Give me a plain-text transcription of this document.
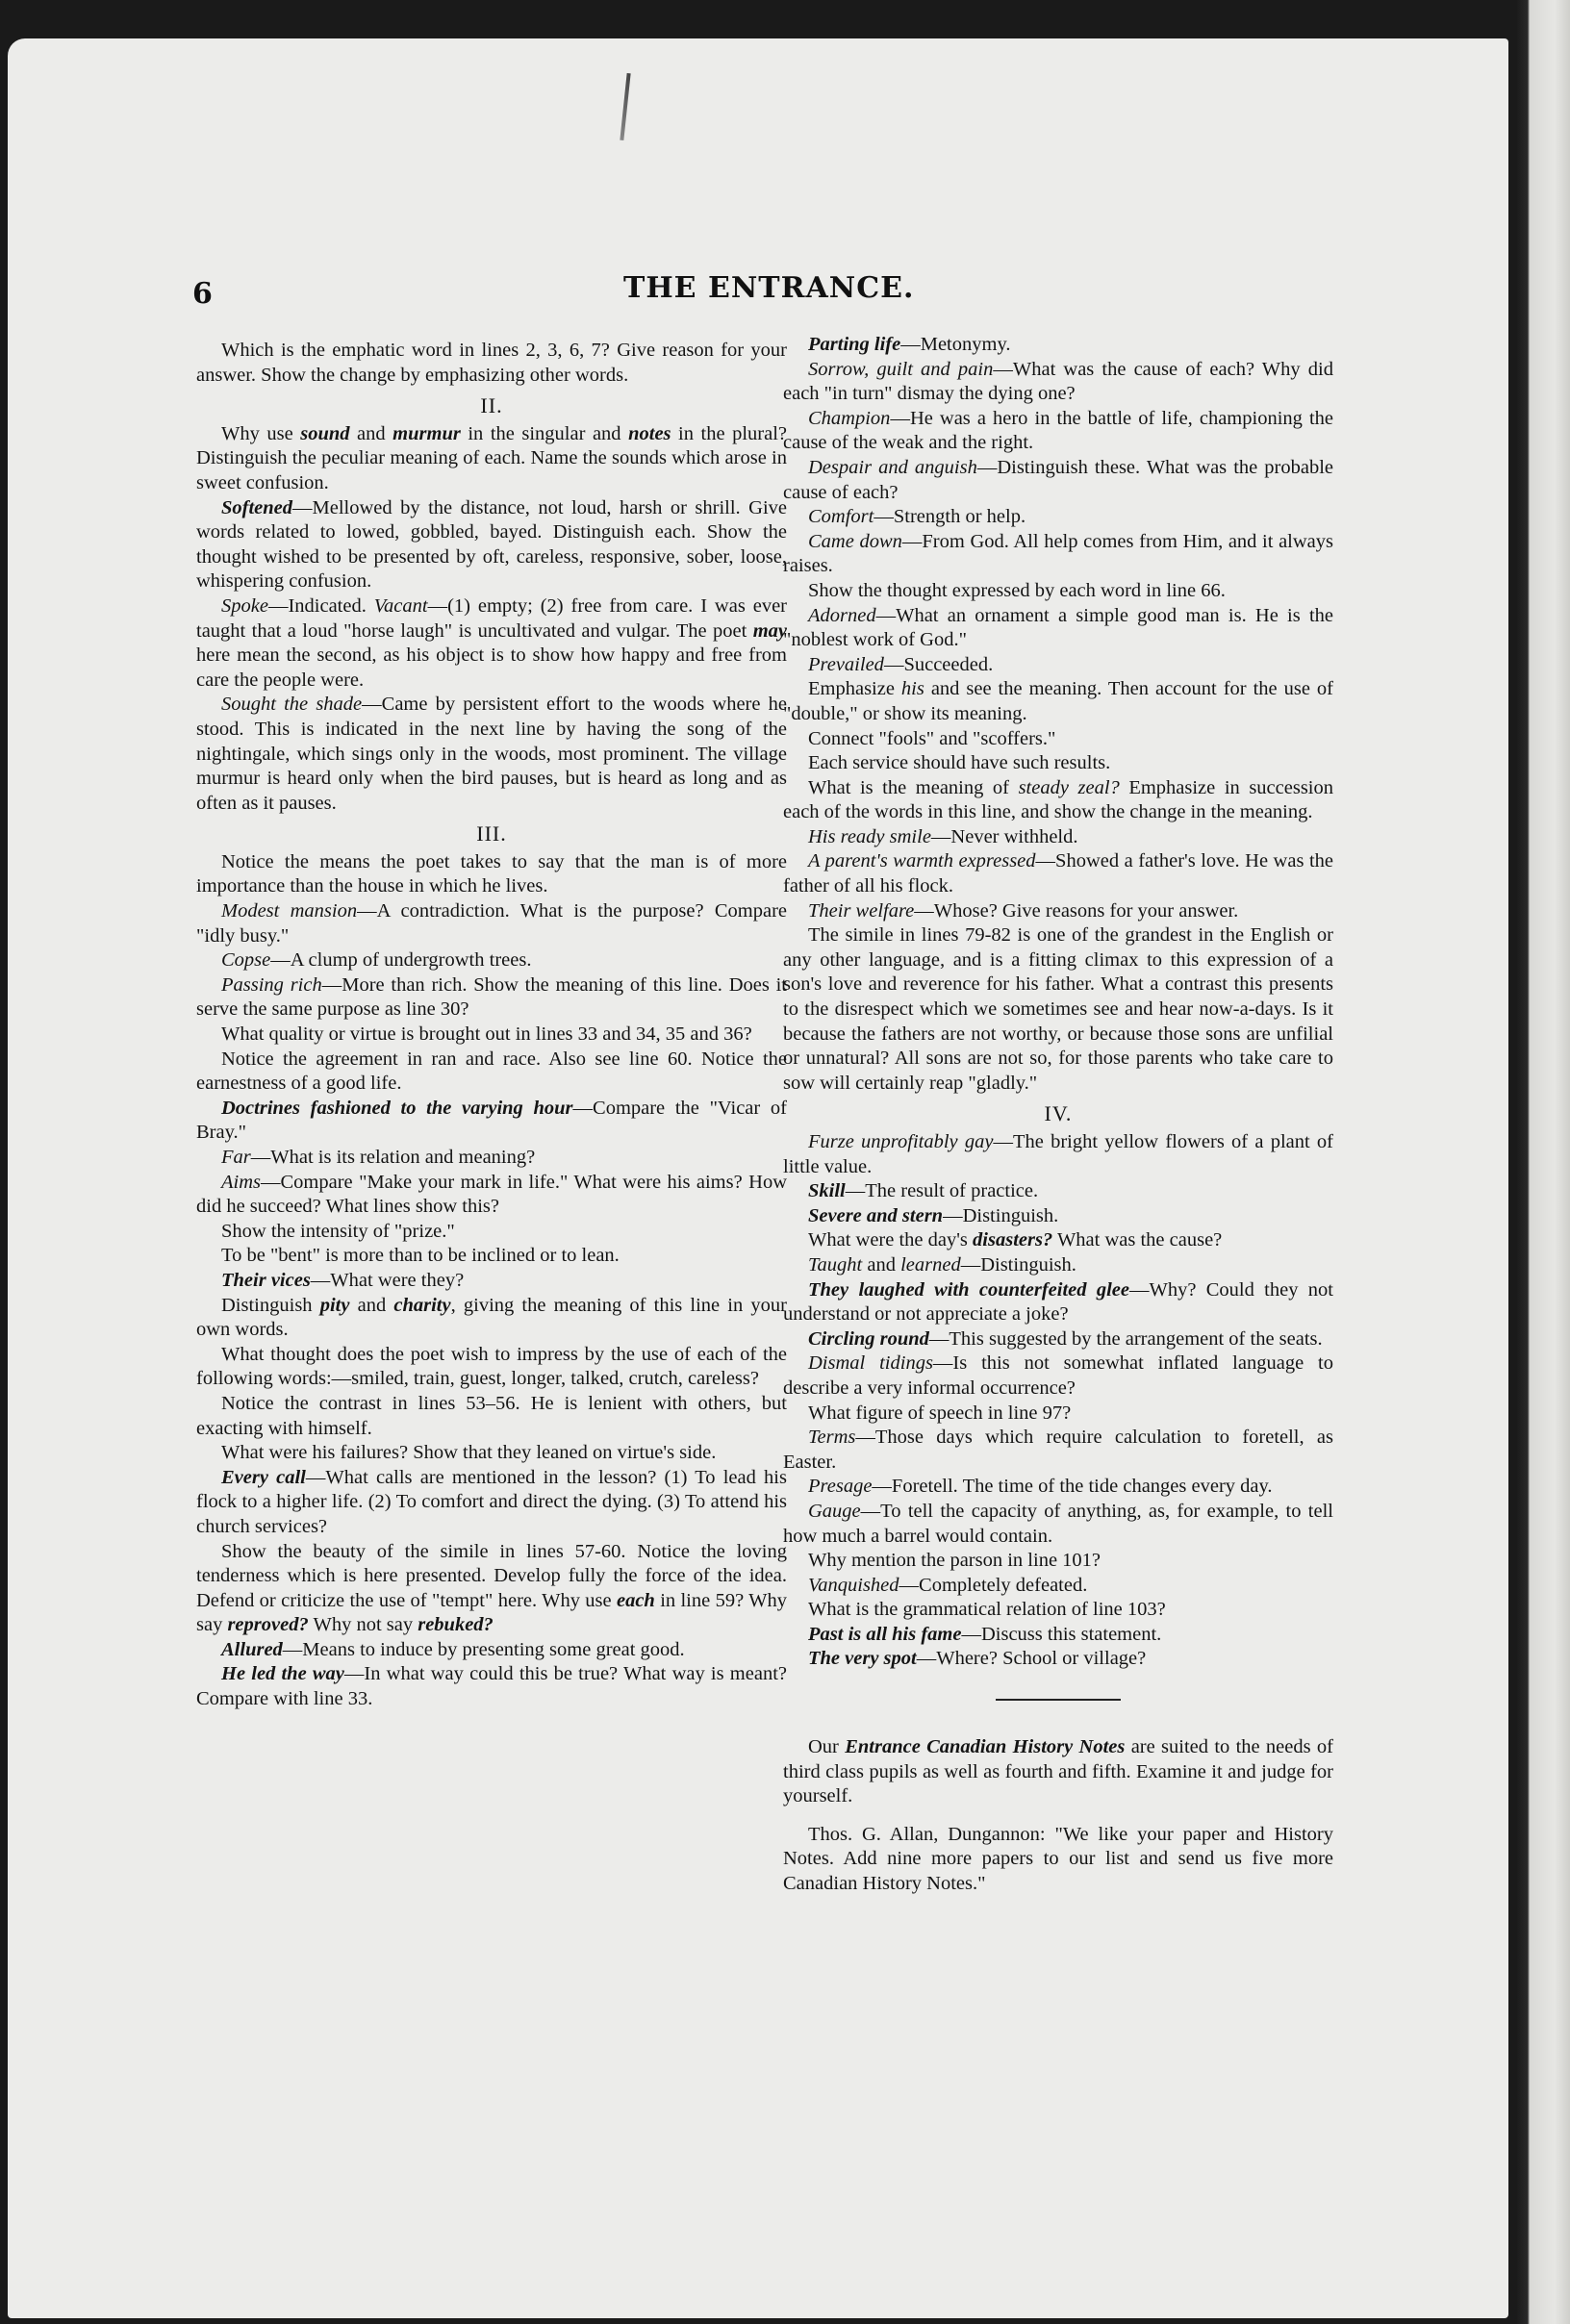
6	THE ENTRANCE.

Which is the emphatic word in lines 2, 3, 6, 7? Give reason for your answer. Show the change by emphasizing other words.

II.

Why use sound and murmur in the singular and notes in the plural? Distinguish the peculiar meaning of each. Name the sounds which arose in sweet confusion.

Softened—Mellowed by the distance, not loud, harsh or shrill. Give words related to lowed, gobbled, bayed. Distinguish each. Show the thought wished to be presented by oft, careless, responsive, sober, loose, whispering confusion.

Spoke—Indicated. Vacant—(1) empty; (2) free from care. I was ever taught that a loud "horse laugh" is uncultivated and vulgar. The poet may here mean the second, as his object is to show how happy and free from care the people were.

Sought the shade—Came by persistent effort to the woods where he stood. This is indicated in the next line by having the song of the nightingale, which sings only in the woods, most prominent. The village murmur is heard only when the bird pauses, but is heard as long and as often as it pauses.

III.

Notice the means the poet takes to say that the man is of more importance than the house in which he lives.

Modest mansion—A contradiction. What is the purpose? Compare "idly busy."

Copse—A clump of undergrowth trees.

Passing rich—More than rich. Show the meaning of this line. Does it serve the same purpose as line 30?

What quality or virtue is brought out in lines 33 and 34, 35 and 36?

Notice the agreement in ran and race. Also see line 60. Notice the earnestness of a good life.

Doctrines fashioned to the varying hour—Compare the "Vicar of Bray."

Far—What is its relation and meaning?

Aims—Compare "Make your mark in life." What were his aims? How did he succeed? What lines show this?

Show the intensity of "prize."

To be "bent" is more than to be inclined or to lean.

Their vices—What were they?

Distinguish pity and charity, giving the meaning of this line in your own words.

What thought does the poet wish to impress by the use of each of the following words:—smiled, train, guest, longer, talked, crutch, careless?

Notice the contrast in lines 53–56. He is lenient with others, but exacting with himself.

What were his failures? Show that they leaned on virtue's side.

Every call—What calls are mentioned in the lesson? (1) To lead his flock to a higher life. (2) To comfort and direct the dying. (3) To attend his church services?

Show the beauty of the simile in lines 57-60. Notice the loving tenderness which is here presented. Develop fully the force of the idea. Defend or criticize the use of "tempt" here. Why use each in line 59? Why say reproved? Why not say rebuked?

Allured—Means to induce by presenting some great good.

He led the way—In what way could this be true? What way is meant? Compare with line 33.

Parting life—Metonymy.

Sorrow, guilt and pain—What was the cause of each? Why did each "in turn" dismay the dying one?

Champion—He was a hero in the battle of life, championing the cause of the weak and the right.

Despair and anguish—Distinguish these. What was the probable cause of each?

Comfort—Strength or help.

Came down—From God. All help comes from Him, and it always raises.

Show the thought expressed by each word in line 66.

Adorned—What an ornament a simple good man is. He is the "noblest work of God."

Prevailed—Succeeded.

Emphasize his and see the meaning. Then account for the use of "double," or show its meaning.

Connect "fools" and "scoffers."

Each service should have such results.

What is the meaning of steady zeal? Emphasize in succession each of the words in this line, and show the change in the meaning.

His ready smile—Never withheld.

A parent's warmth expressed—Showed a father's love. He was the father of all his flock.

Their welfare—Whose? Give reasons for your answer.

The simile in lines 79-82 is one of the grandest in the English or any other language, and is a fitting climax to this expression of a son's love and reverence for his father. What a contrast this presents to the disrespect which we sometimes see and hear now-a-days. Is it because the fathers are not worthy, or because those sons are unfilial or unnatural? All sons are not so, for those parents who take care to sow will certainly reap "gladly."

IV.

Furze unprofitably gay—The bright yellow flowers of a plant of little value.

Skill—The result of practice.

Severe and stern—Distinguish.

What were the day's disasters? What was the cause?

Taught and learned—Distinguish.

They laughed with counterfeited glee—Why? Could they not understand or not appreciate a joke?

Circling round—This suggested by the arrangement of the seats.

Dismal tidings—Is this not somewhat inflated language to describe a very informal occurrence?

What figure of speech in line 97?

Terms—Those days which require calculation to foretell, as Easter.

Presage—Foretell. The time of the tide changes every day.

Gauge—To tell the capacity of anything, as, for example, to tell how much a barrel would contain.

Why mention the parson in line 101?

Vanquished—Completely defeated.

What is the grammatical relation of line 103?

Past is all his fame—Discuss this statement.

The very spot—Where? School or village?

Our Entrance Canadian History Notes are suited to the needs of third class pupils as well as fourth and fifth. Examine it and judge for yourself.

Thos. G. Allan, Dungannon: "We like your paper and History Notes. Add nine more papers to our list and send us five more Canadian History Notes."
